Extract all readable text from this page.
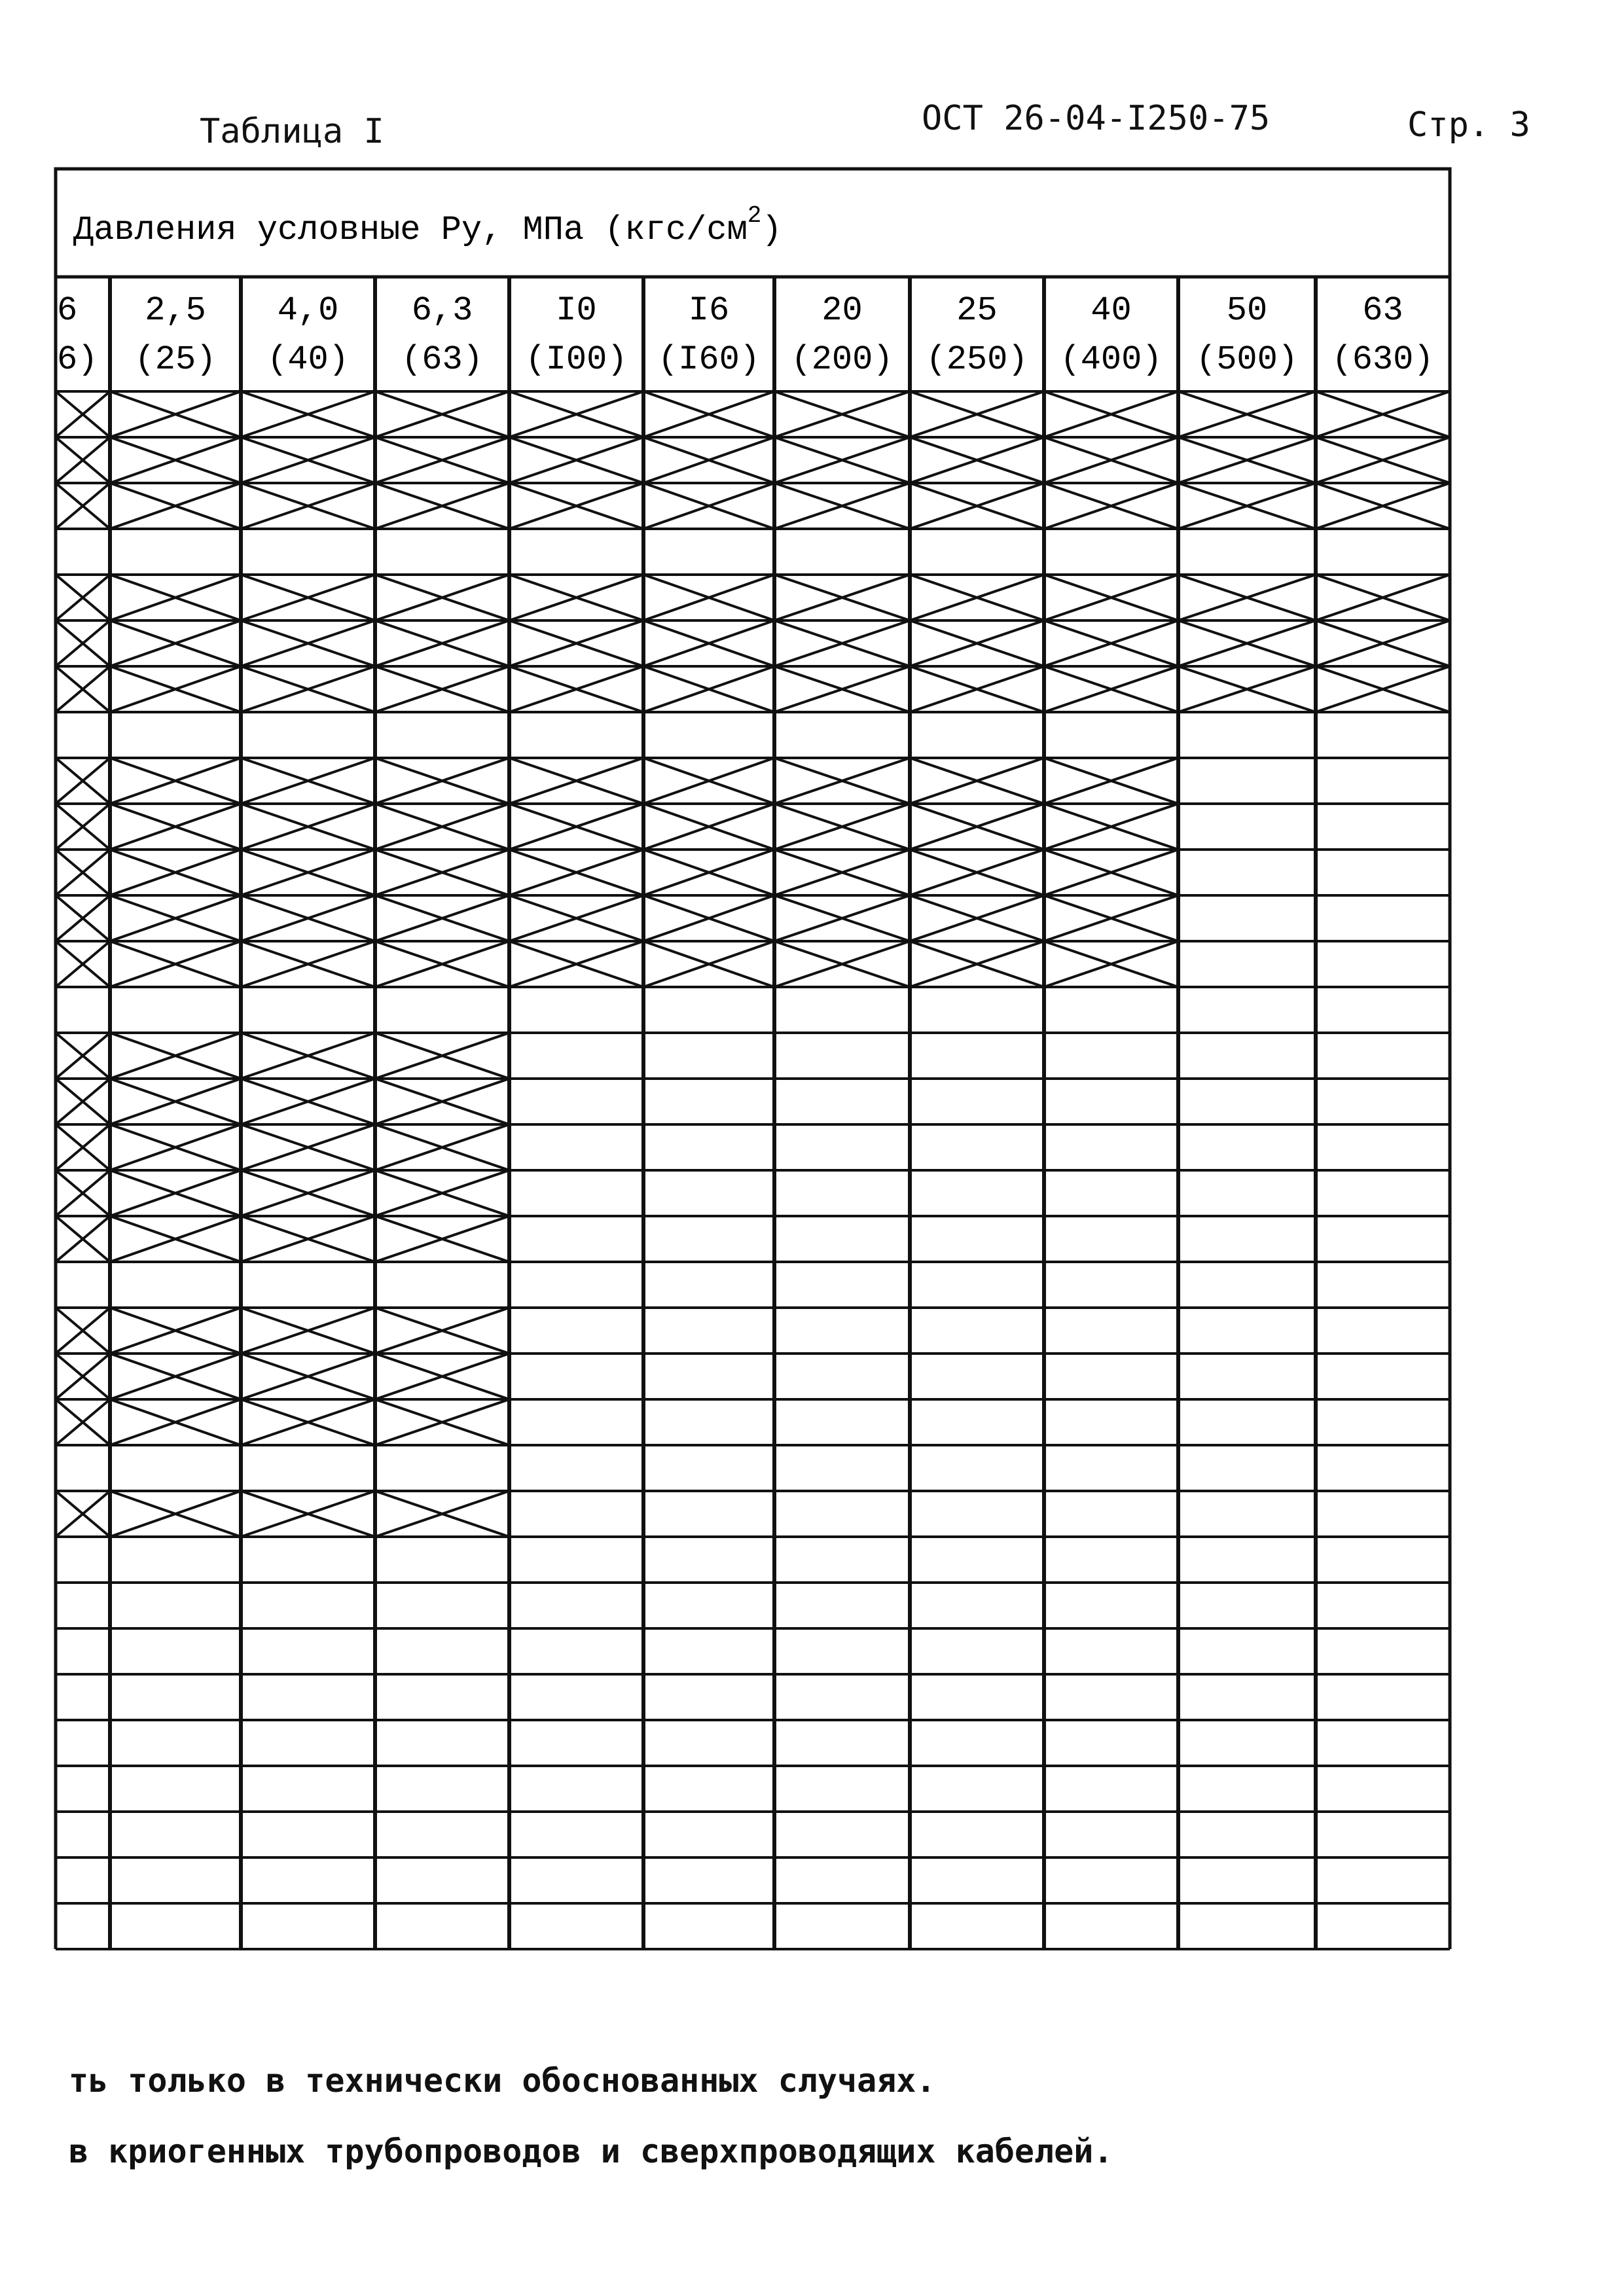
Таблица I	ОСТ 26-04-I250-75	Стр. 3
Давления условные Ру, МПа $(кгс/см^2)$
6
6)
2,5
(25)
4,0
(40)
6,3
(63)
I0
(I00)
I6
(I60)
20
(200)
25
(250)
40
(400)
50
(500)
63
(630)
ть только в технически обоснованных случаях.
в криогенных трубопроводов и сверхпроводящих кабелей.
